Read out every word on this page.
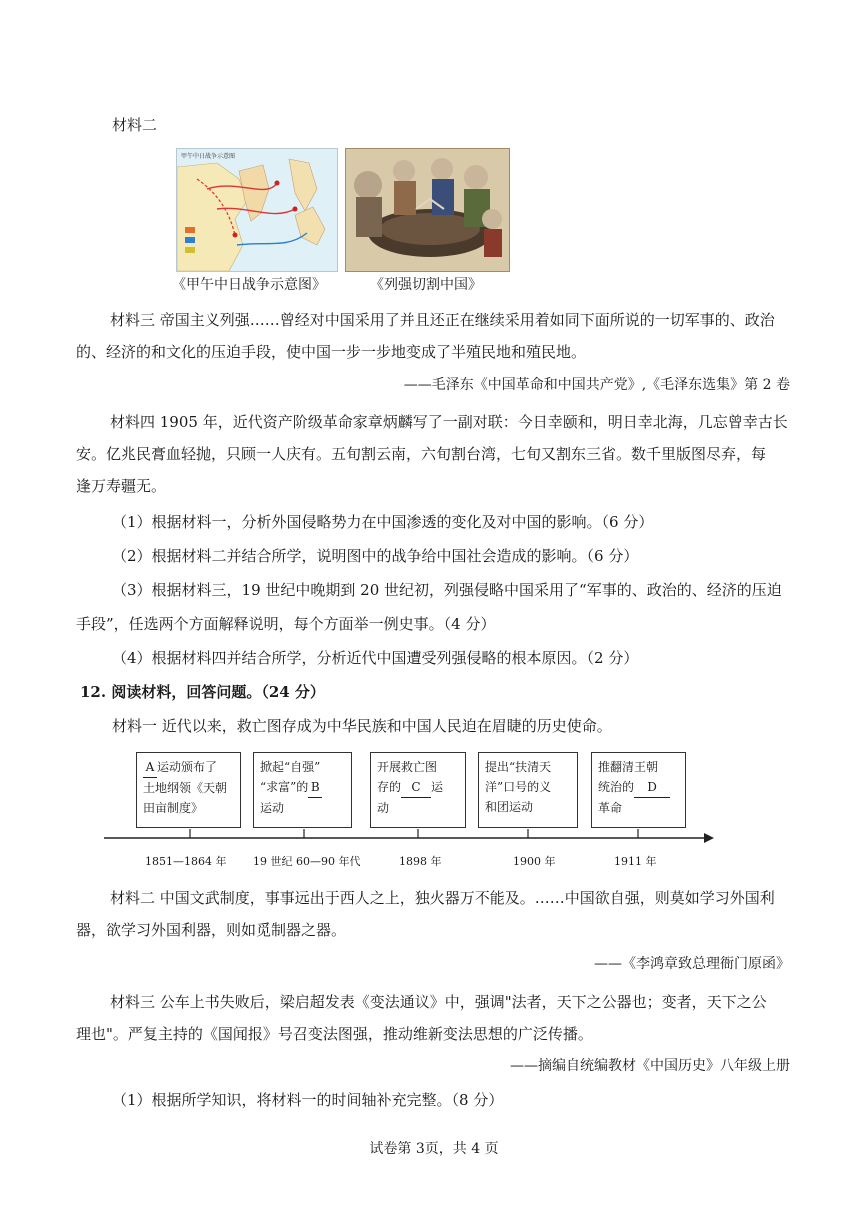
材料二
甲午中日战争示意图
《甲午中日战争示意图》	《列强切割中国》
材料三 帝国主义列强……曾经对中国采用了并且还正在继续采用着如同下面所说的一切军事的、政治
的、经济的和文化的压迫手段，使中国一步一步地变成了半殖民地和殖民地。
——毛泽东《中国革命和中国共产党》,《毛泽东选集》第 2 卷
材料四 1905 年，近代资产阶级革命家章炳麟写了一副对联：今日幸颐和，明日幸北海，几忘曾幸古长
安。亿兆民膏血轻抛，只顾一人庆有。五旬割云南，六旬割台湾，七旬又割东三省。数千里版图尽弃，每
逢万寿疆无。
（1）根据材料一，分析外国侵略势力在中国渗透的变化及对中国的影响。（6 分）
（2）根据材料二并结合所学，说明图中的战争给中国社会造成的影响。（6 分）
（3）根据材料三，19 世纪中晚期到 20 世纪初，列强侵略中国采用了“军事的、政治的、经济的压迫
手段”，任选两个方面解释说明，每个方面举一例史事。（4 分）
（4）根据材料四并结合所学，分析近代中国遭受列强侵略的根本原因。（2 分）
12. 阅读材料，回答问题。（24 分）
材料一 近代以来，救亡图存成为中华民族和中国人民迫在眉睫的历史使命。
A 运动颁布了
土地纲领《天朝
田亩制度》
掀起“自强”
“求富”的 B
运动
开展救亡图
存的 C 运
动
提出“扶清天
洋”口号的义
和团运动
推翻清王朝
统治的 D
革命
1851—1864 年 19 世纪 60—90 年代	1898 年	1900 年	1911 年
材料二 中国文武制度，事事远出于西人之上，独火器万不能及。……中国欲自强，则莫如学习外国利
器，欲学习外国利器，则如觅制器之器。
——《李鸿章致总理衙门原函》
材料三 公车上书失败后，梁启超发表《变法通议》中，强调"法者，天下之公器也；变者，天下之公
理也"。严复主持的《国闻报》号召变法图强，推动维新变法思想的广泛传播。
——摘编自统编教材《中国历史》八年级上册
（1）根据所学知识，将材料一的时间轴补充完整。（8 分）
试卷第 3页，共 4 页
